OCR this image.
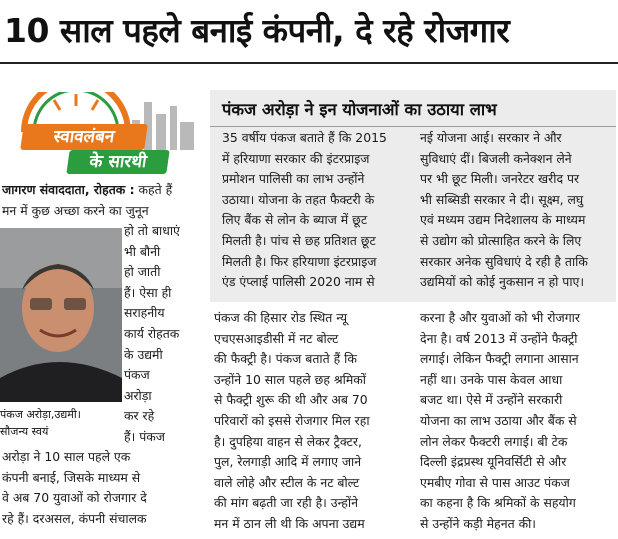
10 साल पहले बनाई कंपनी, दे रहे रोजगार
स्वावलंबन
के सारथी
पंकज अरोड़ा ने इन योजनाओं का उठाया लाभ
35 वर्षीय पंकज बताते हैं कि 2015
में हरियाणा सरकार की इंटरप्राइज
प्रमोशन पालिसी का लाभ उन्होंने
उठाया। योजना के तहत फैक्टरी के
लिए बैंक से लोन के ब्याज में छूट
मिलती है। पांच से छह प्रतिशत छूट
मिलती है। फिर हरियाणा इंटरप्राइज
एंड एंप्लाई पालिसी 2020 नाम से
नई योजना आई। सरकार ने और
सुविधाएं दीं। बिजली कनेक्शन लेने
पर भी छूट मिली। जनरेटर खरीद पर
भी सब्सिडी सरकार ने दी। सूक्ष्म, लघु
एवं मध्यम उद्यम निदेशालय के माध्यम
से उद्योग को प्रोत्साहित करने के लिए
सरकार अनेक सुविधाएं दे रही है ताकि
उद्यमियों को कोई नुकसान न हो पाए।
जागरण संवाददाता, रोहतक : कहते हैं
मन में कुछ अच्छा करने का जुनून
हो तो बाधाएं
भी बौनी
हो जाती
हैं। ऐसा ही
सराहनीय
कार्य रोहतक
के उद्यमी
पंकज
अरोड़ा
कर रहे
हैं। पंकज
अरोड़ा ने 10 साल पहले एक
कंपनी बनाई, जिसके माध्यम से
वे अब 70 युवाओं को रोजगार दे
रहे हैं। दरअसल, कंपनी संचालक
पंकज अरोड़ा,उद्यमी।
सौजन्य स्वयं
पंकज की हिसार रोड स्थित न्यू
एचएसआइडीसी में नट बोल्ट
की फैक्ट्री है। पंकज बताते हैं कि
उन्होंने 10 साल पहले छह श्रमिकों
से फैक्ट्री शुरू की थी और अब 70
परिवारों को इससे रोजगार मिल रहा
है। दुपहिया वाहन से लेकर ट्रैक्टर,
पुल, रेलगाड़ी आदि में लगाए जाने
वाले लोहे और स्टील के नट बोल्ट
की मांग बढ़ती जा रही है। उन्होंने
मन में ठान ली थी कि अपना उद्यम
करना है और युवाओं को भी रोजगार
देना है। वर्ष 2013 में उन्होंने फैक्ट्री
लगाई। लेकिन फैक्ट्री लगाना आसान
नहीं था। उनके पास केवल आधा
बजट था। ऐसे में उन्होंने सरकारी
योजना का लाभ उठाया और बैंक से
लोन लेकर फैक्टरी लगाई। बी टेक
दिल्ली इंद्रप्रस्थ यूनिवर्सिटी से और
एमबीए गोवा से पास आउट पंकज
का कहना है कि श्रमिकों के सहयोग
से उन्होंने कड़ी मेहनत की।
